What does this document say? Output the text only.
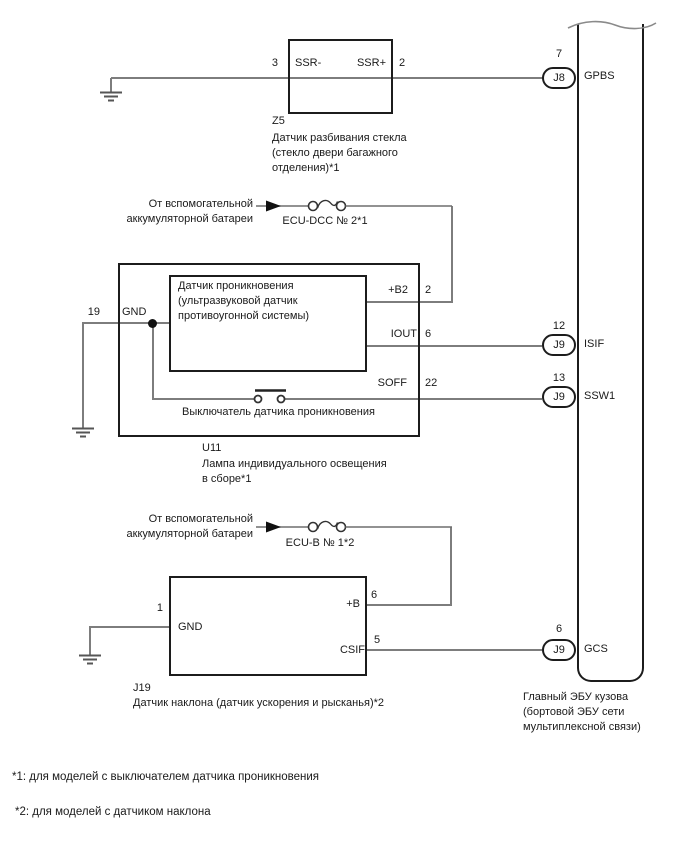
3 SSR-	SSR+ 2
Z5
Датчик разбивания стекла
(стекло двери багажного
отделения)*1
От вспомогательной
аккумуляторной батареи	ECU-DCC № 2*1
Датчик проникновения
(ультразвуковой датчик
противоугонной системы)
19 GND
+B2 2
IOUT 6
SOFF 22
Выключатель датчика проникновения
U11
Лампа индивидуального освещения
в сборе*1
От вспомогательной
аккумуляторной батареи
ECU-B № 1*2
1
GND
+B
6
CSIF
5
J19
Датчик наклона (датчик ускорения и рысканья)*2
7
J8 GPBS
12
J9 ISIF
13
J9 SSW1
6
J9 GCS
Главный ЭБУ кузова
(бортовой ЭБУ сети
мультиплексной связи)
*1: для моделей с выключателем датчика проникновения
*2: для моделей с датчиком наклона
